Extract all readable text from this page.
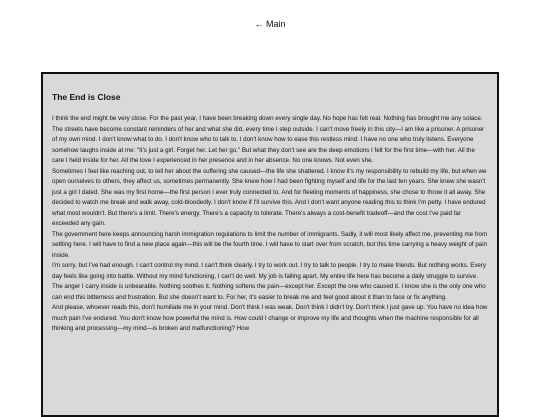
← Main
The End is Close

I think the end might be very close. For the past year, I have been breaking down every single day. No hope has felt real. Nothing has brought me any solace. The streets have become constant reminders of her and what she did, every time I step outside. I can't move freely in this city—I am like a prisoner. A prisoner of my own mind. I don't know what to do. I don't know who to talk to. I don't know how to ease this restless mind. I have no one who truly listens. Everyone somehow laughs inside at me: "It's just a girl. Forget her. Let her go." But what they don't see are the deep emotions I felt for the first time—with her. All the care I held inside for her. All the love I experienced in her presence and in her absence. No one knows. Not even she.

Sometimes I feel like reaching out, to tell her about the suffering she caused—the life she shattered. I know it's my responsibility to rebuild my life, but when we open ourselves to others, they affect us, sometimes permanently. She knew how I had been fighting myself and life for the last ten years. She knew she wasn't just a girl I dated. She was my first home—the first person I ever truly connected to. And for fleeting moments of happiness, she chose to throw it all away. She decided to watch me break and walk away, cold-bloodedly. I don't know if I'll survive this. And I don't want anyone reading this to think I'm petty. I have endured what most wouldn't. But there's a limit. There's energy. There's a capacity to tolerate. There's always a cost-benefit tradeoff—and the cost I've paid far exceeded any gain.

The government here keeps announcing harsh immigration regulations to limit the number of immigrants. Sadly, it will most likely affect me, preventing me from settling here. I will have to find a new place again—this will be the fourth time. I will have to start over from scratch, but this time carrying a heavy weight of pain inside.

I'm sorry, but I've had enough. I can't control my mind. I can't think clearly. I try to work out. I try to talk to people. I try to make friends. But nothing works. Every day feels like going into battle. Without my mind functioning, I can't do well. My job is falling apart. My entire life here has become a daily struggle to survive. The anger I carry inside is unbearable. Nothing soothes it. Nothing softens the pain—except her. Except the one who caused it. I know she is the only one who can end this bitterness and frustration. But she doesn't want to. For her, it's easier to break me and feel good about it than to face or fix anything.

And please, whoever reads this, don't humiliate me in your mind. Don't think I was weak. Don't think I didn't try. Don't think I just gave up. You have no idea how much pain I've endured. You don't know how powerful the mind is. How could I change or improve my life and thoughts when the machine responsible for all thinking and processing—my mind—is broken and malfunctioning? How
